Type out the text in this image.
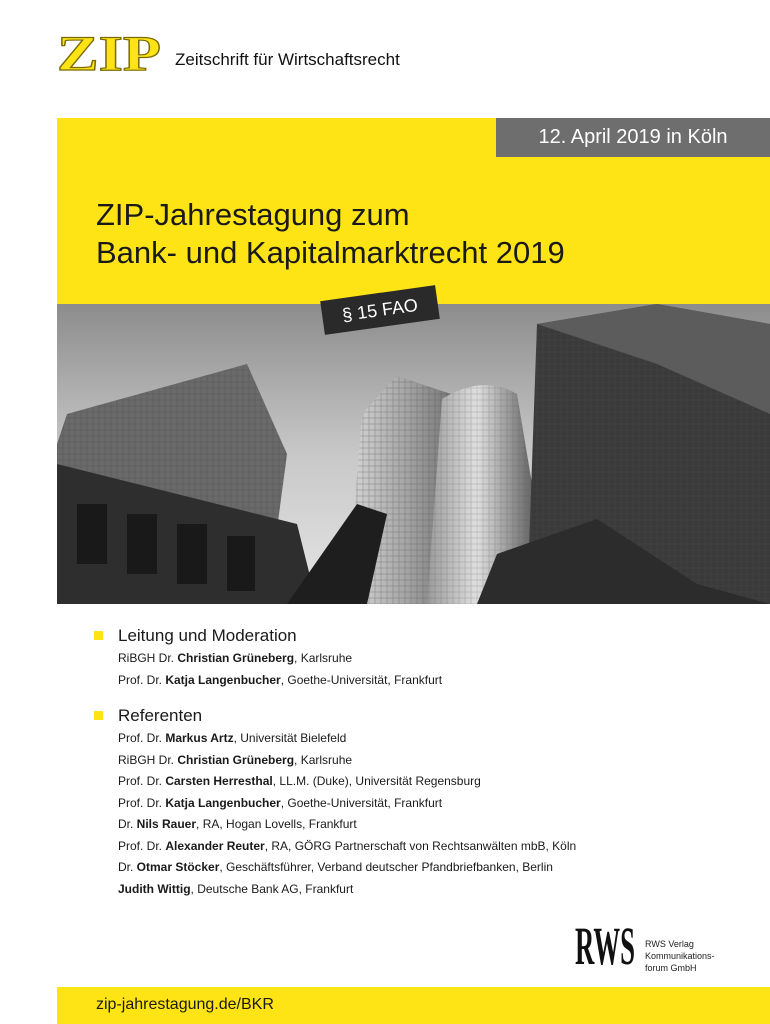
ZIP Zeitschrift für Wirtschaftsrecht
12. April 2019 in Köln
ZIP-Jahrestagung zum
Bank- und Kapitalmarktrecht 2019
§ 15 FAO
Leitung und Moderation
RiBGH Dr. Christian Grüneberg, Karlsruhe
Prof. Dr. Katja Langenbucher, Goethe-Universität, Frankfurt
Referenten
Prof. Dr. Markus Artz, Universität Bielefeld
RiBGH Dr. Christian Grüneberg, Karlsruhe
Prof. Dr. Carsten Herresthal, LL.M. (Duke), Universität Regensburg
Prof. Dr. Katja Langenbucher, Goethe-Universität, Frankfurt
Dr. Nils Rauer, RA, Hogan Lovells, Frankfurt
Prof. Dr. Alexander Reuter, RA, GÖRG Partnerschaft von Rechtsanwälten mbB, Köln
Dr. Otmar Stöcker, Geschäftsführer, Verband deutscher Pfandbriefbanken, Berlin
Judith Wittig, Deutsche Bank AG, Frankfurt
RWS RWS Verlag
Kommunikations-
forum GmbH
zip-jahrestagung.de/BKR
